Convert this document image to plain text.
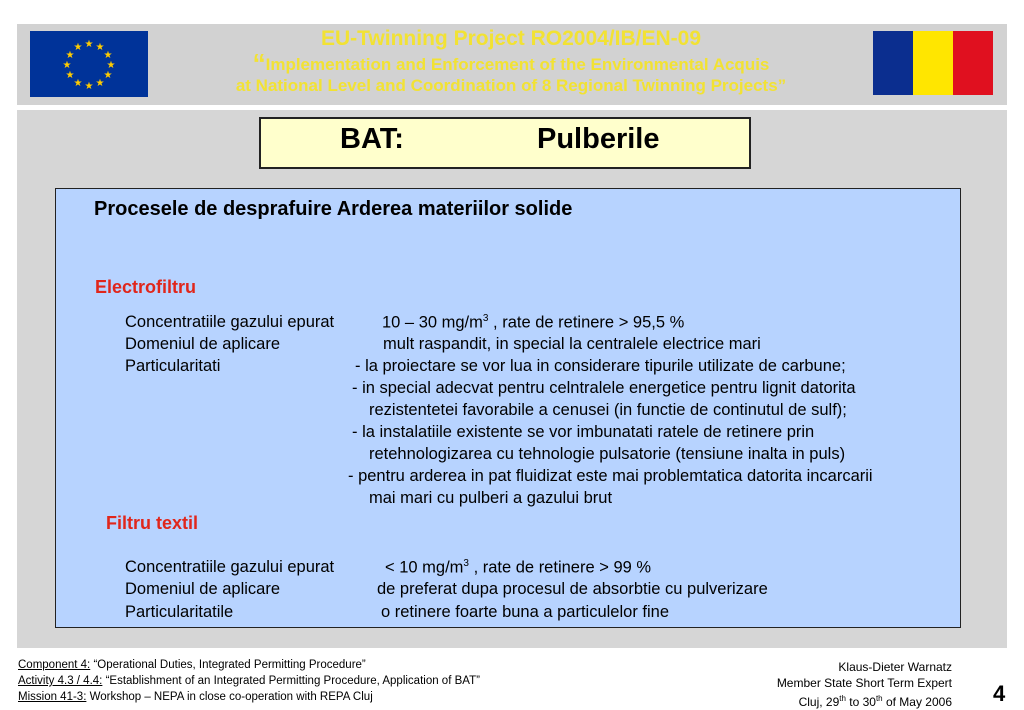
★ ★
★
★
★
★
★
★
★
★
★
★	EU-Twinning Project RO2004/IB/EN-09
“Implementation and Enforcement of the Environmental Acquis
at National Level and Coordination of 8 Regional Twinning Projects”
BAT:	Pulberile
Procesele de desprafuire Arderea materiilor solide
Electrofiltru
Concentratiile gazului epurat	10 – 30 $mg/m^3$ , rate de retinere > 95,5 %
Domeniul de aplicare	mult raspandit, in special la centralele electrice mari
Particularitati	- la proiectare se vor lua in considerare tipurile utilizate de carbune;
- in special adecvat pentru celntralele energetice pentru lignit datorita
rezistentetei favorabile a cenusei (in functie de continutul de sulf);
- la instalatiile existente se vor imbunatati ratele de retinere prin
retehnologizarea cu tehnologie pulsatorie (tensiune inalta in puls)
- pentru arderea in pat fluidizat este mai problemtatica datorita incarcarii
mai mari cu pulberi a gazului brut
Filtru textil
Concentratiile gazului epurat	< 10 $mg/m^3$ , rate de retinere > 99 %
Domeniul de aplicare	de preferat dupa procesul de absorbtie cu pulverizare
Particularitatile	o retinere foarte buna a particulelor fine
Component 4: “Operational Duties, Integrated Permitting Procedure”
Activity 4.3 / 4.4: “Establishment of an Integrated Permitting Procedure, Application of BAT”
Mission 41-3: Workshop – NEPA in close co-operation with REPA Cluj
Klaus-Dieter Warnatz
Member State Short Term Expert
Cluj, 29th to 30th of May 2006 4
